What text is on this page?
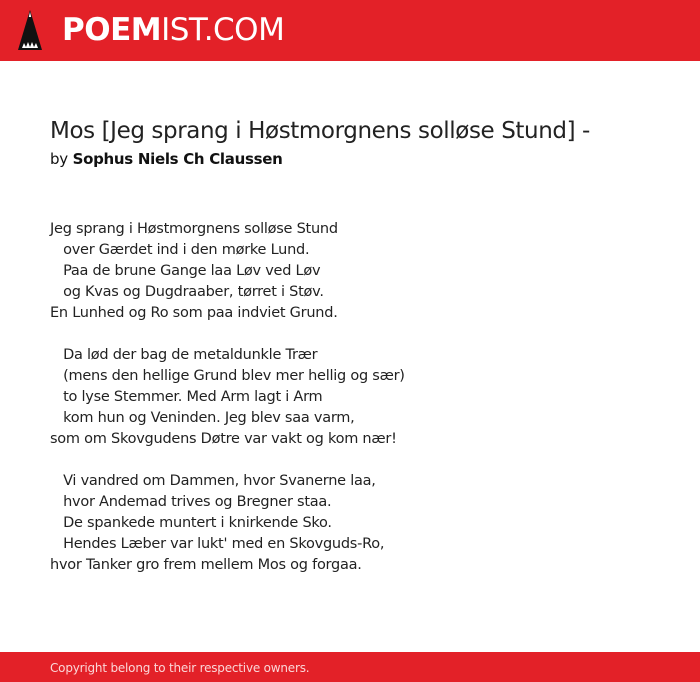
POEM IST.COM
Mos [Jeg sprang i Høstmorgnens solløse Stund] -
by Sophus Niels Ch Claussen
Jeg sprang i Høstmorgnens solløse Stund
over Gærdet ind i den mørke Lund.
Paa de brune Gange laa Løv ved Løv
og Kvas og Dugdraaber, tørret i Støv.
En Lunhed og Ro som paa indviet Grund.
Da lød der bag de metaldunkle Trær
(mens den hellige Grund blev mer hellig og sær)
to lyse Stemmer. Med Arm lagt i Arm
kom hun og Veninden. Jeg blev saa varm,
som om Skovgudens Døtre var vakt og kom nær!
Vi vandred om Dammen, hvor Svanerne laa,
hvor Andemad trives og Bregner staa.
De spankede muntert i knirkende Sko.
Hendes Læber var lukt' med en Skovguds-Ro,
hvor Tanker gro frem mellem Mos og forgaa.
Copyright belong to their respective owners.
